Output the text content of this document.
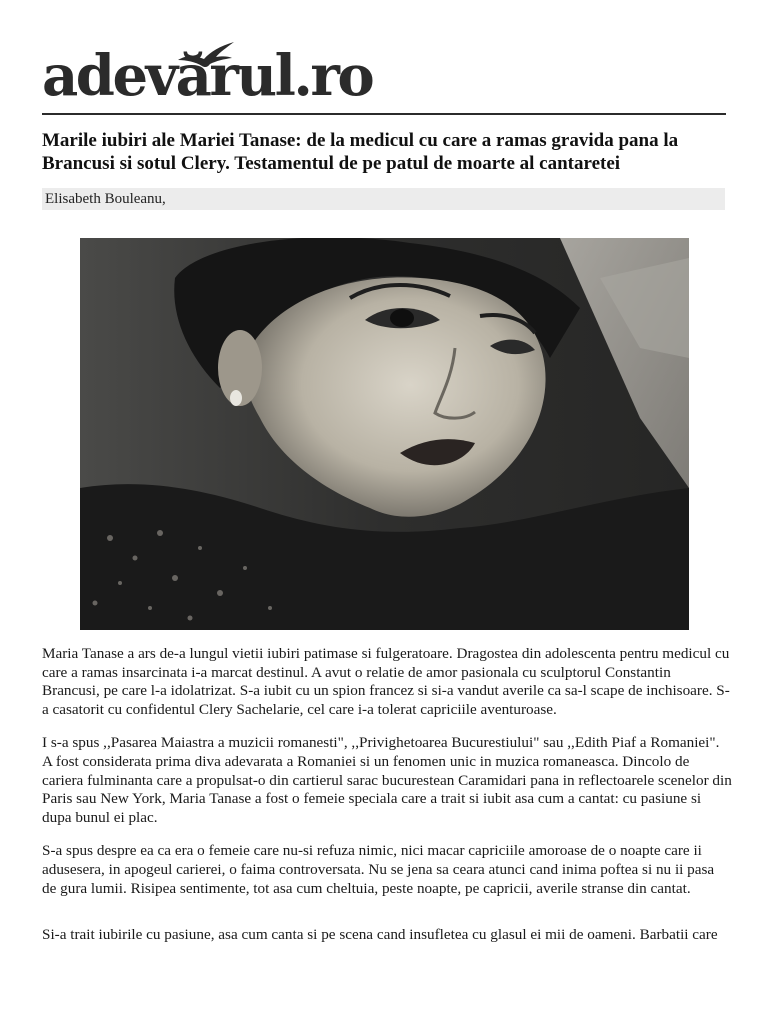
adevărul.ro
Marile iubiri ale Mariei Tanase: de la medicul cu care a ramas gravida pana la Brancusi si sotul Clery. Testamentul de pe patul de moarte al cantaretei
Elisabeth Bouleanu,

Maria Tanase a ars de-a lungul vietii iubiri patimase si fulgeratoare. Dragostea din adolescenta pentru medicul cu care a ramas insarcinata i-a marcat destinul. A avut o relatie de amor pasionala cu sculptorul Constantin Brancusi, pe care l-a idolatrizat. S-a iubit cu un spion francez si si-a vandut averile ca sa-l scape de inchisoare. S-a casatorit cu confidentul Clery Sachelarie, cel care i-a tolerat capriciile aventuroase.

I s-a spus ,,Pasarea Maiastra a muzicii romanesti", ,,Privighetoarea Bucurestiului" sau ,,Edith Piaf a Romaniei". A fost considerata prima diva adevarata a Romaniei si un fenomen unic in muzica romaneasca. Dincolo de cariera fulminanta care a propulsat-o din cartierul sarac bucurestean Caramidari pana in reflectoarele scenelor din Paris sau New York, Maria Tanase a fost o femeie speciala care a trait si iubit asa cum a cantat: cu pasiune si dupa bunul ei plac.

S-a spus despre ea ca era o femeie care nu-si refuza nimic, nici macar capriciile amoroase de o noapte care ii adusesera, in apogeul carierei, o faima controversata. Nu se jena sa ceara atunci cand inima poftea si nu ii pasa de gura lumii. Risipea sentimente, tot asa cum cheltuia, peste noapte, pe capricii, averile stranse din cantat.

Si-a trait iubirile cu pasiune, asa cum canta si pe scena cand insufletea cu glasul ei mii de oameni. Barbatii care
